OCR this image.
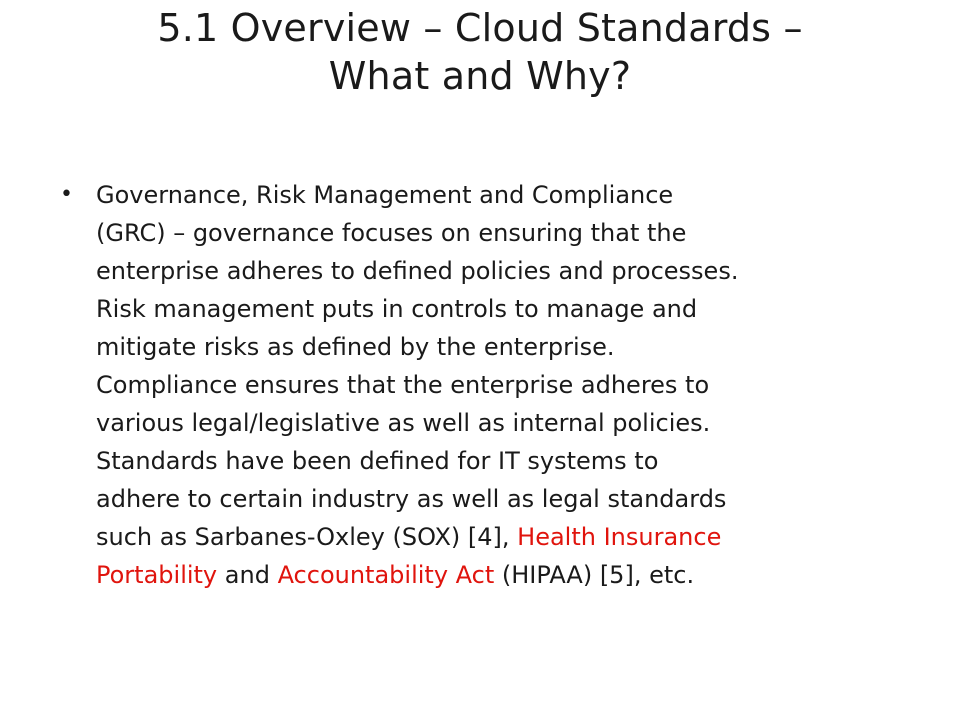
5.1 Overview – Cloud Standards –
What and Why?
• Governance, Risk Management and Compliance
(GRC) – governance focuses on ensuring that the
enterprise adheres to defined policies and processes.
Risk management puts in controls to manage and
mitigate risks as defined by the enterprise.
Compliance ensures that the enterprise adheres to
various legal/legislative as well as internal policies.
Standards have been defined for IT systems to
adhere to certain industry as well as legal standards
such as Sarbanes-Oxley (SOX) [4], Health Insurance
Portability and Accountability Act (HIPAA) [5], etc.
